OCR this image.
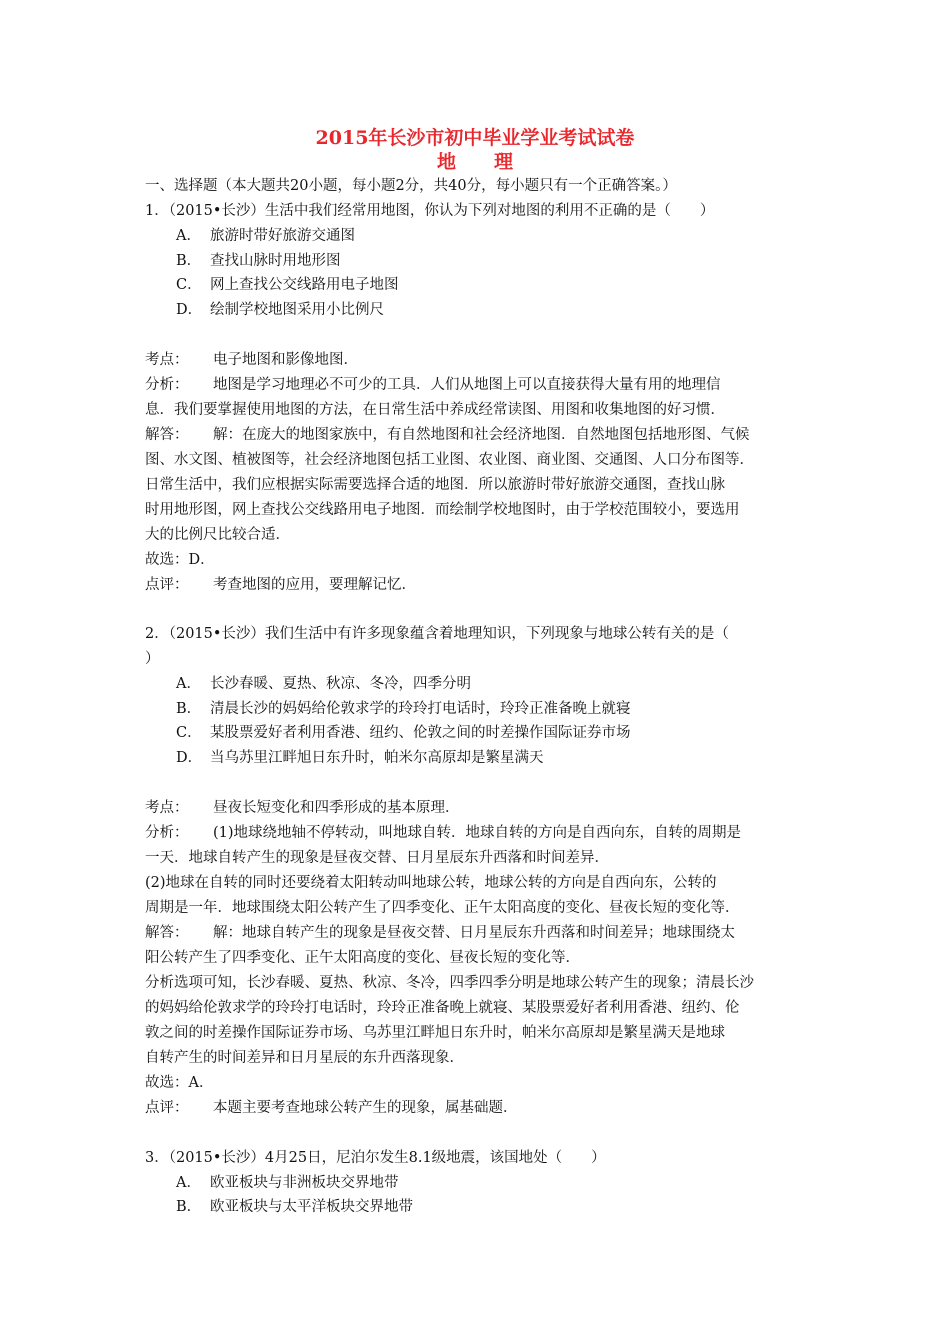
2015年长沙市初中毕业学业考试试卷
地　　理

一、选择题（本大题共20小题，每小题2分，共40分，每小题只有一个正确答案。）

1．（2015•长沙）生活中我们经常用地图，你认为下列对地图的利用不正确的是（　　）

A． 旅游时带好旅游交通图

B． 查找山脉时用地形图

C． 网上查找公交线路用电子地图

D． 绘制学校地图采用小比例尺

考点： 电子地图和影像地图．

分析： 地图是学习地理必不可少的工具．人们从地图上可以直接获得大量有用的地理信

息．我们要掌握使用地图的方法，在日常生活中养成经常读图、用图和收集地图的好习惯．

解答： 解：在庞大的地图家族中，有自然地图和社会经济地图．自然地图包括地形图、气候

图、水文图、植被图等，社会经济地图包括工业图、农业图、商业图、交通图、人口分布图等．

日常生活中，我们应根据实际需要选择合适的地图．所以旅游时带好旅游交通图，查找山脉

时用地形图，网上查找公交线路用电子地图．而绘制学校地图时，由于学校范围较小，要选用

大的比例尺比较合适．

故选：D．

点评： 考查地图的应用，要理解记忆．

2．（2015•长沙）我们生活中有许多现象蕴含着地理知识，下列现象与地球公转有关的是（

）

A． 长沙春暖、夏热、秋凉、冬冷，四季分明

B． 清晨长沙的妈妈给伦敦求学的玲玲打电话时，玲玲正准备晚上就寝

C． 某股票爱好者利用香港、纽约、伦敦之间的时差操作国际证券市场

D． 当乌苏里江畔旭日东升时，帕米尔高原却是繁星满天

考点： 昼夜长短变化和四季形成的基本原理．

分析： (1)地球绕地轴不停转动，叫地球自转．地球自转的方向是自西向东，自转的周期是

一天．地球自转产生的现象是昼夜交替、日月星辰东升西落和时间差异．

(2)地球在自转的同时还要绕着太阳转动叫地球公转，地球公转的方向是自西向东，公转的

周期是一年．地球围绕太阳公转产生了四季变化、正午太阳高度的变化、昼夜长短的变化等．

解答： 解：地球自转产生的现象是昼夜交替、日月星辰东升西落和时间差异；地球围绕太

阳公转产生了四季变化、正午太阳高度的变化、昼夜长短的变化等．

分析选项可知，长沙春暖、夏热、秋凉、冬冷，四季四季分明是地球公转产生的现象；清晨长沙

的妈妈给伦敦求学的玲玲打电话时，玲玲正准备晚上就寝、某股票爱好者利用香港、纽约、伦

敦之间的时差操作国际证券市场、乌苏里江畔旭日东升时，帕米尔高原却是繁星满天是地球

自转产生的时间差异和日月星辰的东升西落现象．

故选：A．

点评： 本题主要考查地球公转产生的现象，属基础题．

3．（2015•长沙）4月25日，尼泊尔发生8.1级地震，该国地处（　　）

A． 欧亚板块与非洲板块交界地带

B． 欧亚板块与太平洋板块交界地带
